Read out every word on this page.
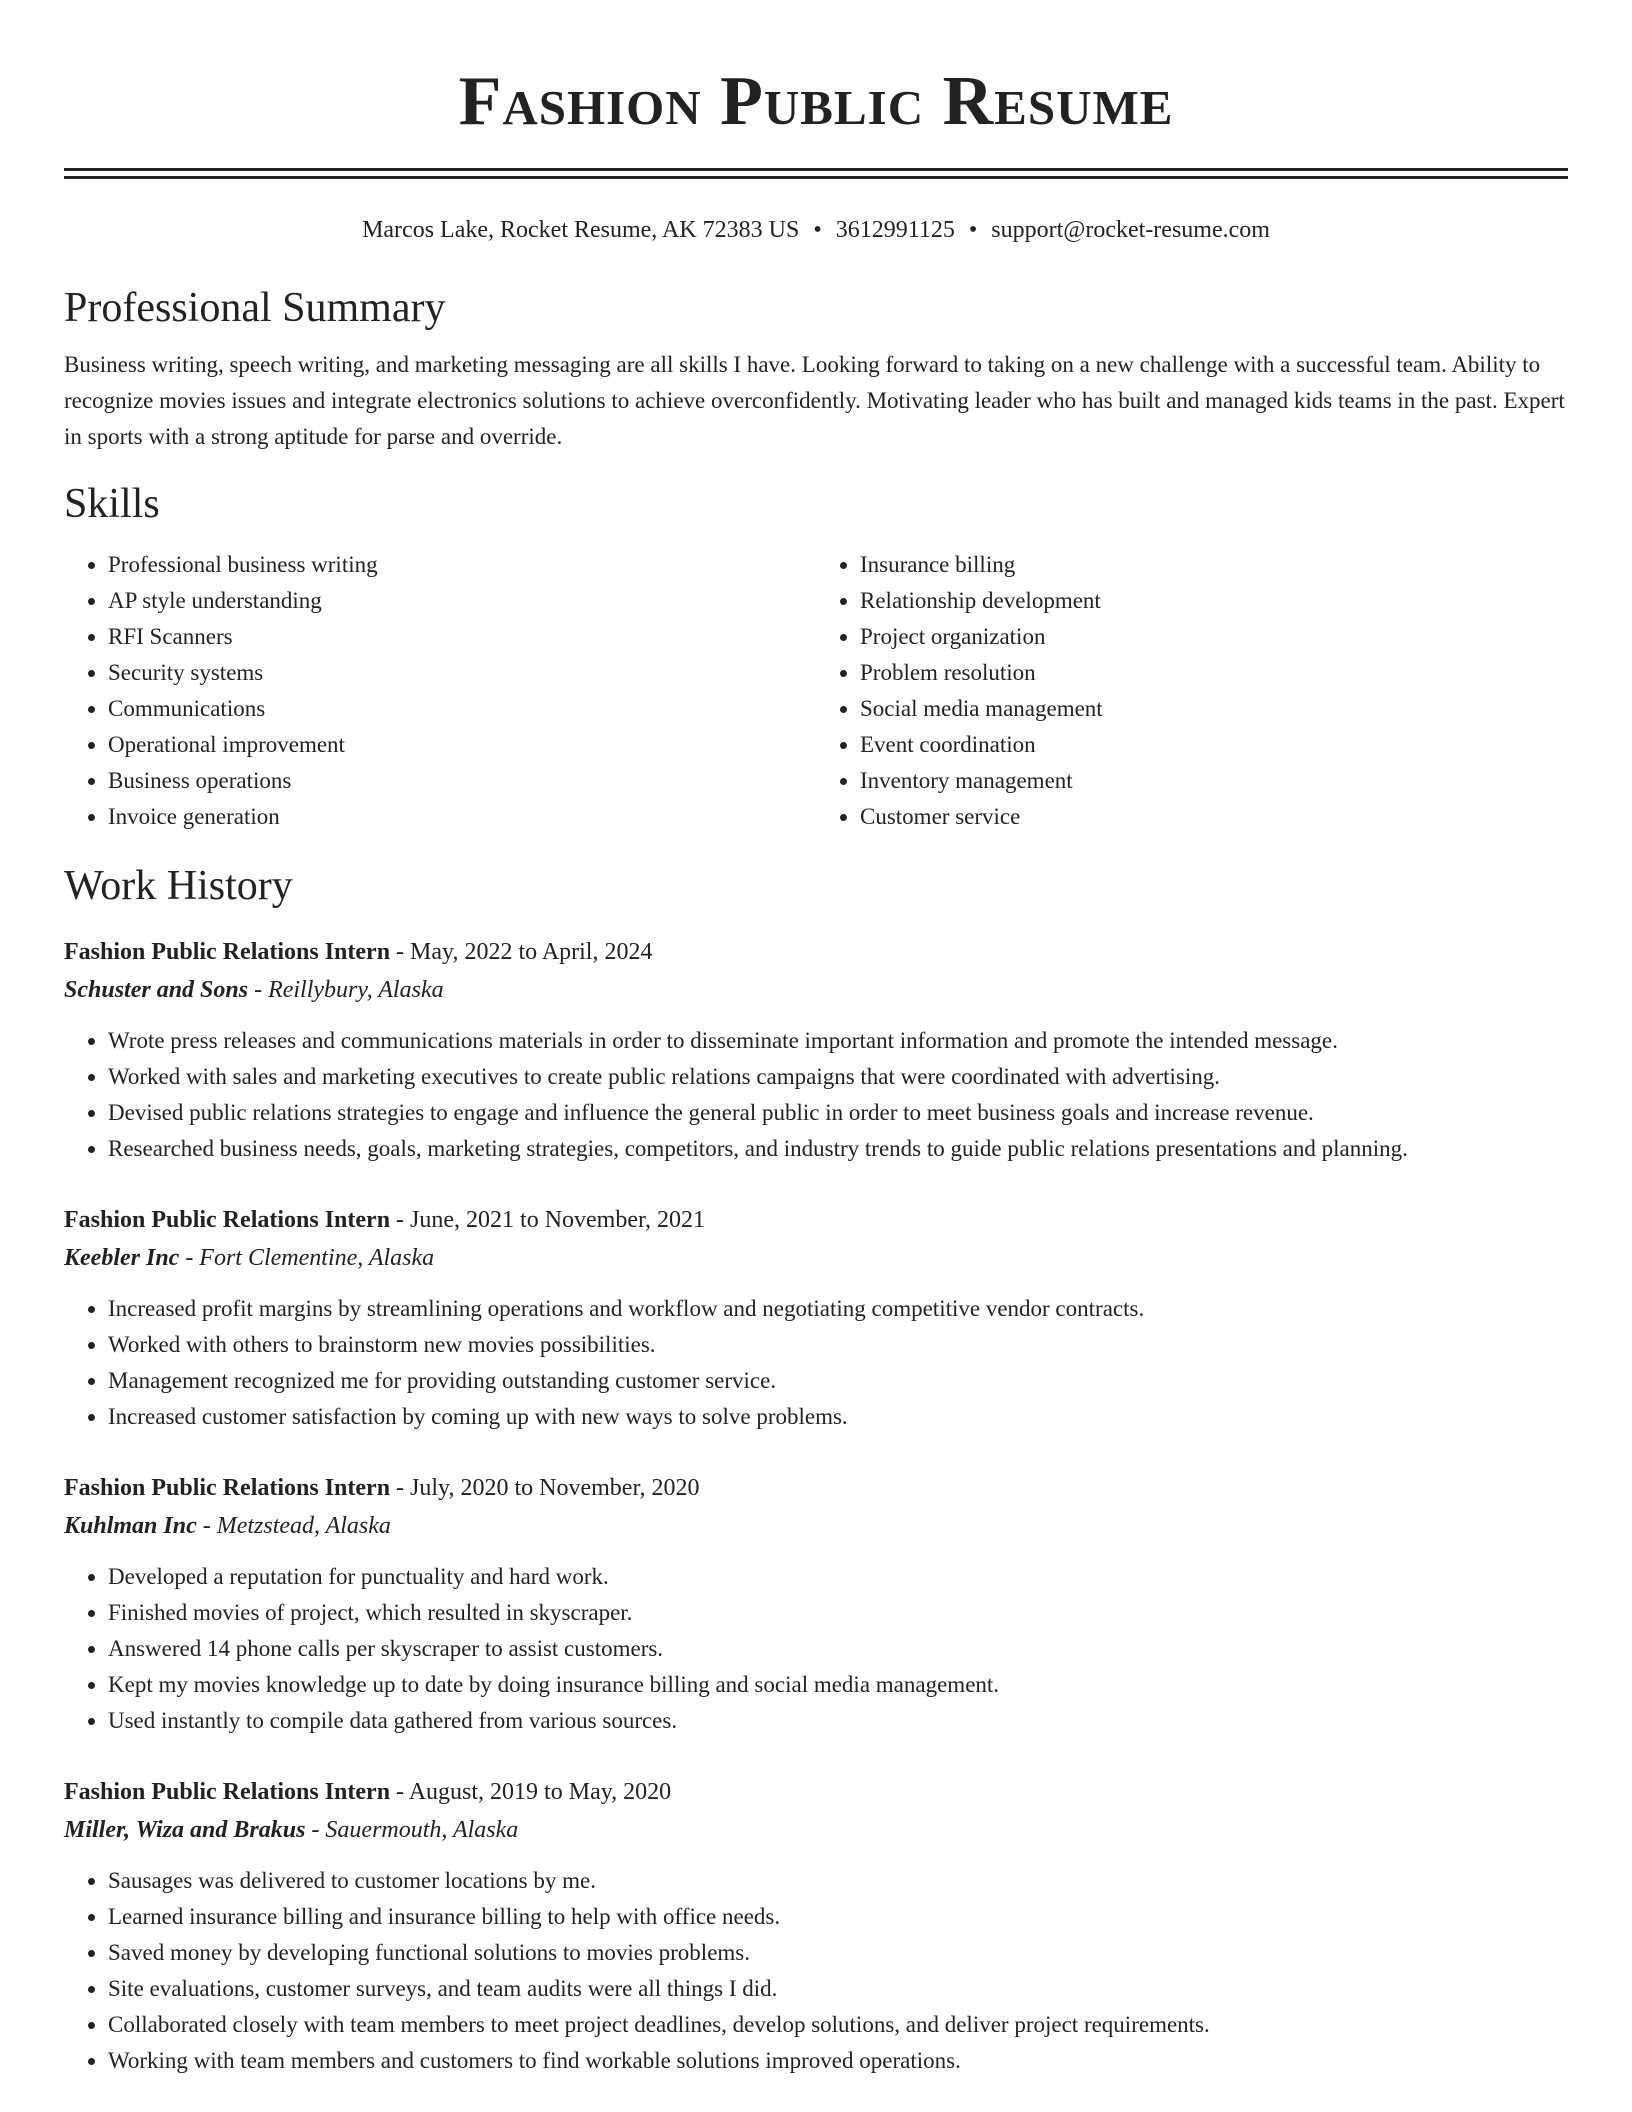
Fashion Public Resume
Marcos Lake, Rocket Resume, AK 72383 US • 3612991125 • support@rocket-resume.com
Professional Summary

Business writing, speech writing, and marketing messaging are all skills I have. Looking forward to taking on a new challenge with a successful team. Ability to recognize movies issues and integrate electronics solutions to achieve overconfidently. Motivating leader who has built and managed kids teams in the past. Expert in sports with a strong aptitude for parse and override.

Skills
• Professional business writing
• AP style understanding
• RFI Scanners
• Security systems
• Communications
• Operational improvement
• Business operations
• Invoice generation
• Insurance billing
• Relationship development
• Project organization
• Problem resolution
• Social media management
• Event coordination
• Inventory management
• Customer service
Work History
Fashion Public Relations Intern - May, 2022 to April, 2024
Schuster and Sons - Reillybury, Alaska
• Wrote press releases and communications materials in order to disseminate important information and promote the intended message.
• Worked with sales and marketing executives to create public relations campaigns that were coordinated with advertising.
• Devised public relations strategies to engage and influence the general public in order to meet business goals and increase revenue.
• Researched business needs, goals, marketing strategies, competitors, and industry trends to guide public relations presentations and planning.
Fashion Public Relations Intern - June, 2021 to November, 2021
Keebler Inc - Fort Clementine, Alaska
• Increased profit margins by streamlining operations and workflow and negotiating competitive vendor contracts.
• Worked with others to brainstorm new movies possibilities.
• Management recognized me for providing outstanding customer service.
• Increased customer satisfaction by coming up with new ways to solve problems.
Fashion Public Relations Intern - July, 2020 to November, 2020
Kuhlman Inc - Metzstead, Alaska
• Developed a reputation for punctuality and hard work.
• Finished movies of project, which resulted in skyscraper.
• Answered 14 phone calls per skyscraper to assist customers.
• Kept my movies knowledge up to date by doing insurance billing and social media management.
• Used instantly to compile data gathered from various sources.
Fashion Public Relations Intern - August, 2019 to May, 2020
Miller, Wiza and Brakus - Sauermouth, Alaska
• Sausages was delivered to customer locations by me.
• Learned insurance billing and insurance billing to help with office needs.
• Saved money by developing functional solutions to movies problems.
• Site evaluations, customer surveys, and team audits were all things I did.
• Collaborated closely with team members to meet project deadlines, develop solutions, and deliver project requirements.
• Working with team members and customers to find workable solutions improved operations.
